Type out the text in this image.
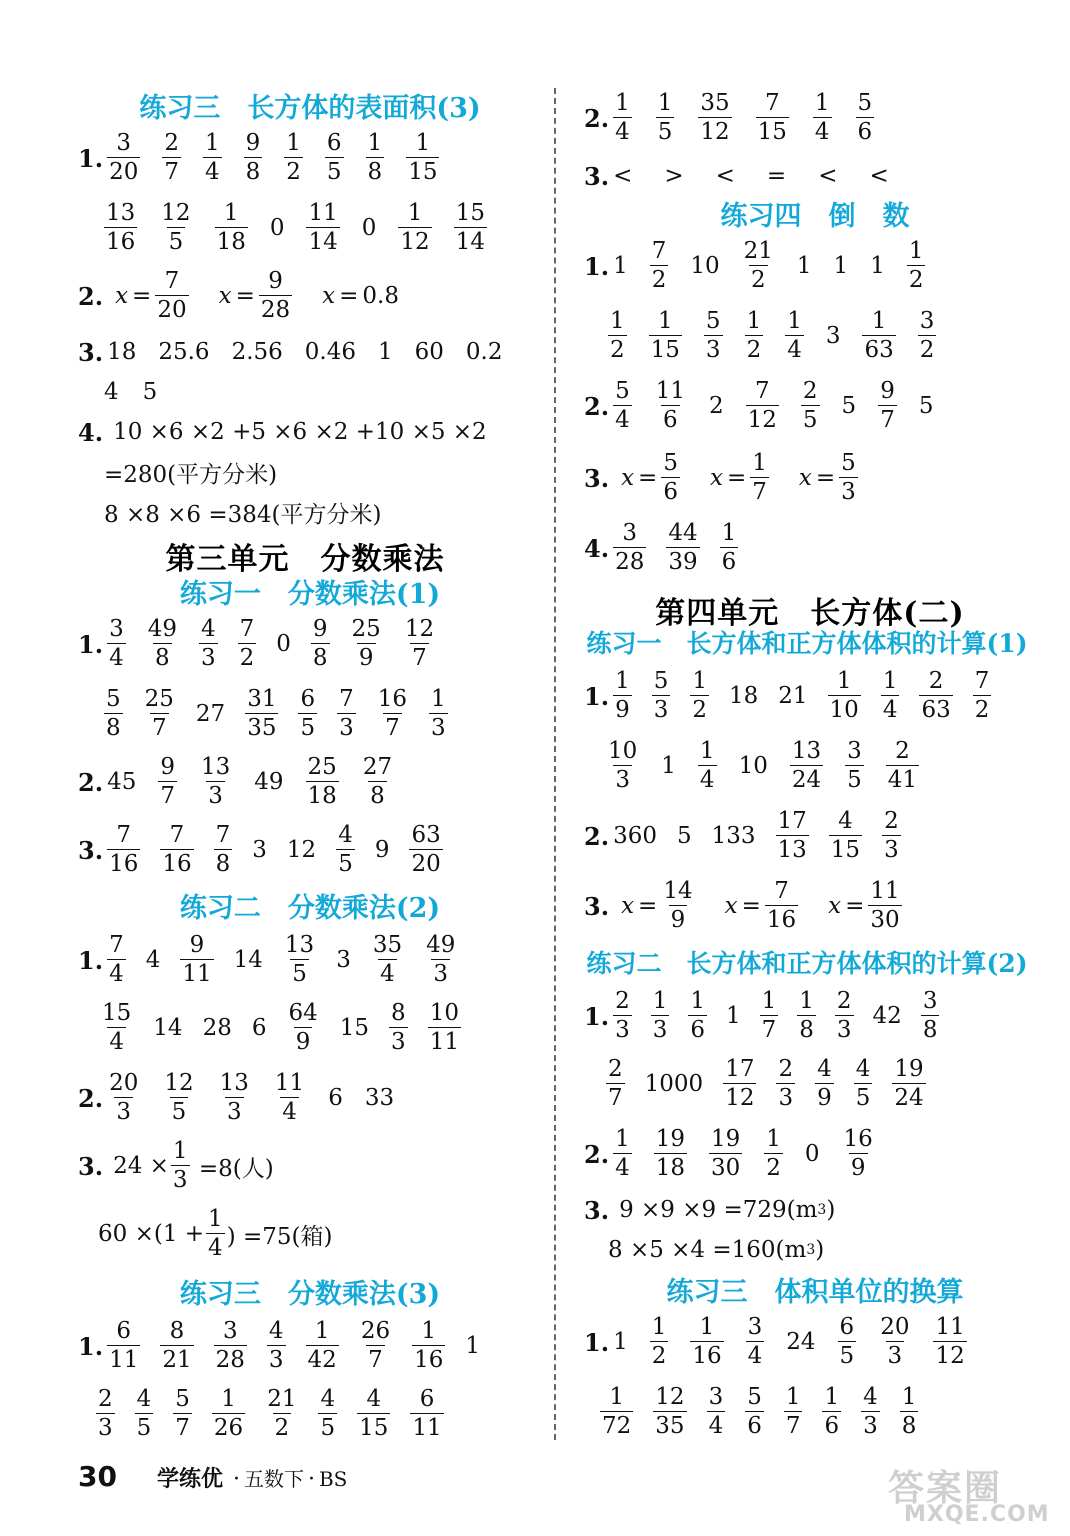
练习三　长方体的表面积(3)
1. $\frac{3}{20} \frac{2}{7} \frac{1}{4} \frac{9}{8} \frac{1}{2} \frac{6}{5} \frac{1}{8} \frac{1}{15}$
$\frac{13}{16} \frac{12}{5} \frac{1}{18} 0 \frac{11}{14} 0 \frac{1}{12} \frac{15}{14}$
2. $x = \frac{7}{20}$ $x = \frac{9}{28}$ x = 0.8
3. 18 25.6 2.56 0.46 1 60 0.2
4 5
4. 10 ×6 ×2 +5 ×6 ×2 +10 ×5 ×2
=280(平方分米)
8 ×8 ×6 =384(平方分米)
第三单元　分数乘法
练习一　分数乘法(1)
1. $\frac{3}{4} \frac{49}{8} \frac{4}{3} \frac{7}{2} 0 \frac{9}{8} \frac{25}{9} \frac{12}{7}$
$\frac{5}{8} \frac{25}{7} 27 \frac{31}{35} \frac{6}{5} \frac{7}{3} \frac{16}{7} \frac{1}{3}$
2. $45 \frac{9}{7} \frac{13}{3} 49 \frac{25}{18} \frac{27}{8}$
3. $\frac{7}{16} \frac{7}{16} \frac{7}{8} 3$ $12 \frac{4}{5} 9 \frac{63}{20}$
练习二　分数乘法(2)
1. $\frac{7}{4} 4 \frac{9}{11} 14 \frac{13}{5} 3 \frac{35}{4} \frac{49}{3}$
$\frac{15}{4} 14$ 28 $6 \frac{64}{9} 15 \frac{8}{3} \frac{10}{11}$
2. $\frac{20}{3} \frac{12}{5} \frac{13}{3} \frac{11}{4} 6$ 33
3. $24 \times \frac{1}{3} =8$(人)
$60 \times(1 + \frac{1}{4}$ ) =75(箱)
练习三　分数乘法(3)
1. $\frac{6}{11} \frac{8}{21} \frac{3}{28} \frac{4}{3} \frac{1}{42} \frac{26}{7} \frac{1}{16} 1$
$\frac{2}{3} \frac{4}{5} \frac{5}{7} \frac{1}{26} \frac{21}{2} \frac{4}{5} \frac{4}{15} \frac{6}{11}$
2. $\frac{1}{4} \frac{1}{5} \frac{35}{12} \frac{7}{15} \frac{1}{4} \frac{5}{6}$
3. < > < = < <
练习四　倒　数
1. $1 \frac{7}{2} 10 \frac{21}{2} 1$ 1 $1 \frac{1}{2}$
$\frac{1}{2} \frac{1}{15} \frac{5}{3} \frac{1}{2} \frac{1}{4} 3 \frac{1}{63} \frac{3}{2}$
2. $\frac{5}{4} \frac{11}{6} 2 \frac{7}{12} \frac{2}{5} 5 \frac{9}{7} 5$
3. $x = \frac{5}{6}$ $x = \frac{1}{7}$ $x = \frac{5}{3}$
4. $\frac{3}{28} \frac{44}{39} \frac{1}{6}$
第四单元　长方体(二)
练习一　长方体和正方体体积的计算(1)
1. $\frac{1}{9} \frac{5}{3} \frac{1}{2} 18$ $21 \frac{1}{10} \frac{1}{4} \frac{2}{63} \frac{7}{2}$
$\frac{10}{3} 1 \frac{1}{4} 10 \frac{13}{24} \frac{3}{5} \frac{2}{41}$
2. 360 5 $133 \frac{17}{13} \frac{4}{15} \frac{2}{3}$
3. $x = \frac{14}{9}$ $x = \frac{7}{16}$ $x = \frac{11}{30}$
练习二　长方体和正方体体积的计算(2)
1. $\frac{2}{3} \frac{1}{3} \frac{1}{6} 1 \frac{1}{7} \frac{1}{8} \frac{2}{3} 42 \frac{3}{8}$
$\frac{2}{7} 1000 \frac{17}{12} \frac{2}{3} \frac{4}{9} \frac{4}{5} \frac{19}{24}$
2. $\frac{1}{4} \frac{19}{18} \frac{19}{30} \frac{1}{2} 0 \frac{16}{9}$
3. 9 ×9 ×9 =729(m 3 )
8 ×5 ×4 =160(m 3 )
练习三　体积单位的换算
1. $1 \frac{1}{2} \frac{1}{16} \frac{3}{4} 24 \frac{6}{5} \frac{20}{3} \frac{11}{12}$
$\frac{1}{72} \frac{12}{35} \frac{3}{4} \frac{5}{6} \frac{1}{7} \frac{1}{6} \frac{4}{3} \frac{1}{8}$
30 学练优 · 五数下 · BS	答案圈
MXQE.COM
